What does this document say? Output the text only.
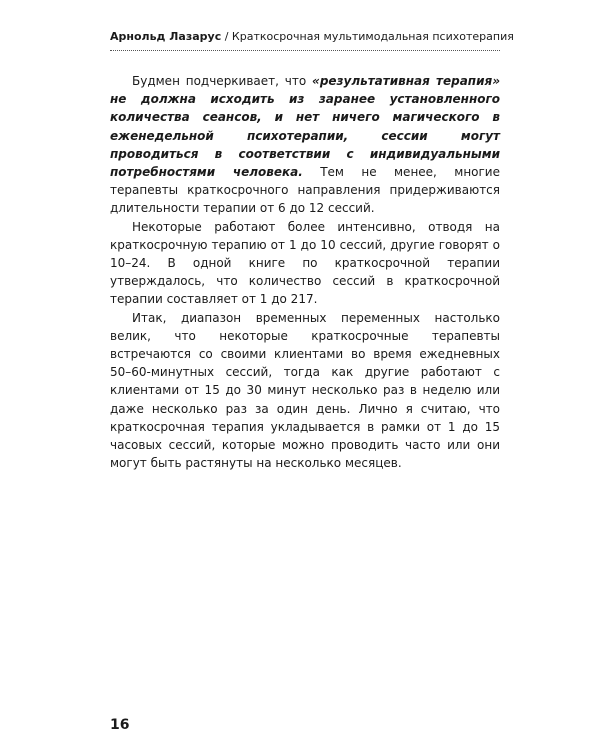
Арнольд Лазарус / Краткосрочная мультимодальная психотерапия

Будмен подчеркивает, что «результативная терапия» не должна исходить из заранее установленного количества сеансов, и нет ничего магического в еженедельной психотерапии, сессии могут проводиться в соответствии с индивидуальными потребностями человека. Тем не менее, многие терапевты краткосрочного направления придерживаются длительности терапии от 6 до 12 сессий.

Некоторые работают более интенсивно, отводя на краткосрочную терапию от 1 до 10 сессий, другие говорят о 10–24. В одной книге по краткосрочной терапии утверждалось, что количество сессий в краткосрочной терапии составляет от 1 до 217.

Итак, диапазон временных переменных настолько велик, что некоторые краткосрочные терапевты встречаются со своими клиентами во время ежедневных 50–60-минутных сессий, тогда как другие работают с клиентами от 15 до 30 минут несколько раз в неделю или даже несколько раз за один день. Лично я считаю, что краткосрочная терапия укладывается в рамки от 1 до 15 часовых сессий, которые можно проводить часто или они могут быть растянуты на несколько месяцев.

16
